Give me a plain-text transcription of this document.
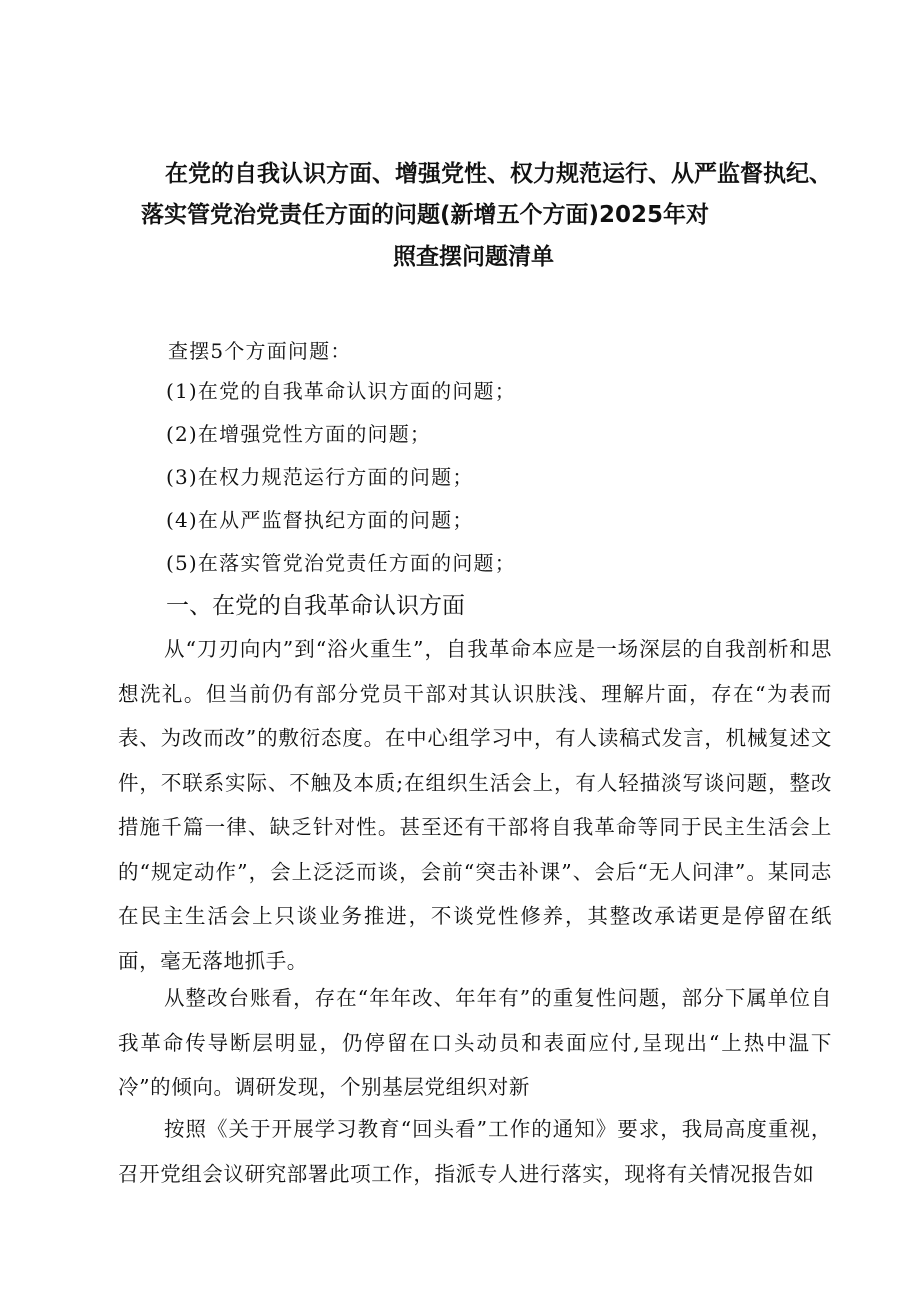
在党的自我认识方面、增强党性、权力规范运行、从严监督执纪、
落实管党治党责任方面的问题(新增五个方面)2025年对
照查摆问题清单
查摆5个方面问题：
(1)在党的自我革命认识方面的问题；
(2)在增强党性方面的问题；
(3)在权力规范运行方面的问题；
(4)在从严监督执纪方面的问题；
(5)在落实管党治党责任方面的问题；
一、在党的自我革命认识方面

从“刀刃向内”到“浴火重生”，自我革命本应是一场深层的自我剖析和思想洗礼。但当前仍有部分党员干部对其认识肤浅、理解片面，存在“为表而表、为改而改”的敷衍态度。在中心组学习中，有人读稿式发言，机械复述文件，不联系实际、不触及本质;在组织生活会上，有人轻描淡写谈问题，整改措施千篇一律、缺乏针对性。甚至还有干部将自我革命等同于民主生活会上的“规定动作”，会上泛泛而谈，会前“突击补课”、会后“无人问津”。某同志在民主生活会上只谈业务推进，不谈党性修养，其整改承诺更是停留在纸面，毫无落地抓手。

从整改台账看，存在“年年改、年年有”的重复性问题，部分下属单位自我革命传导断层明显，仍停留在口头动员和表面应付,呈现出“上热中温下冷”的倾向。调研发现，个别基层党组织对新

按照《关于开展学习教育“回头看”工作的通知》要求，我局高度重视，召开党组会议研究部署此项工作，指派专人进行落实，现将有关情况报告如
